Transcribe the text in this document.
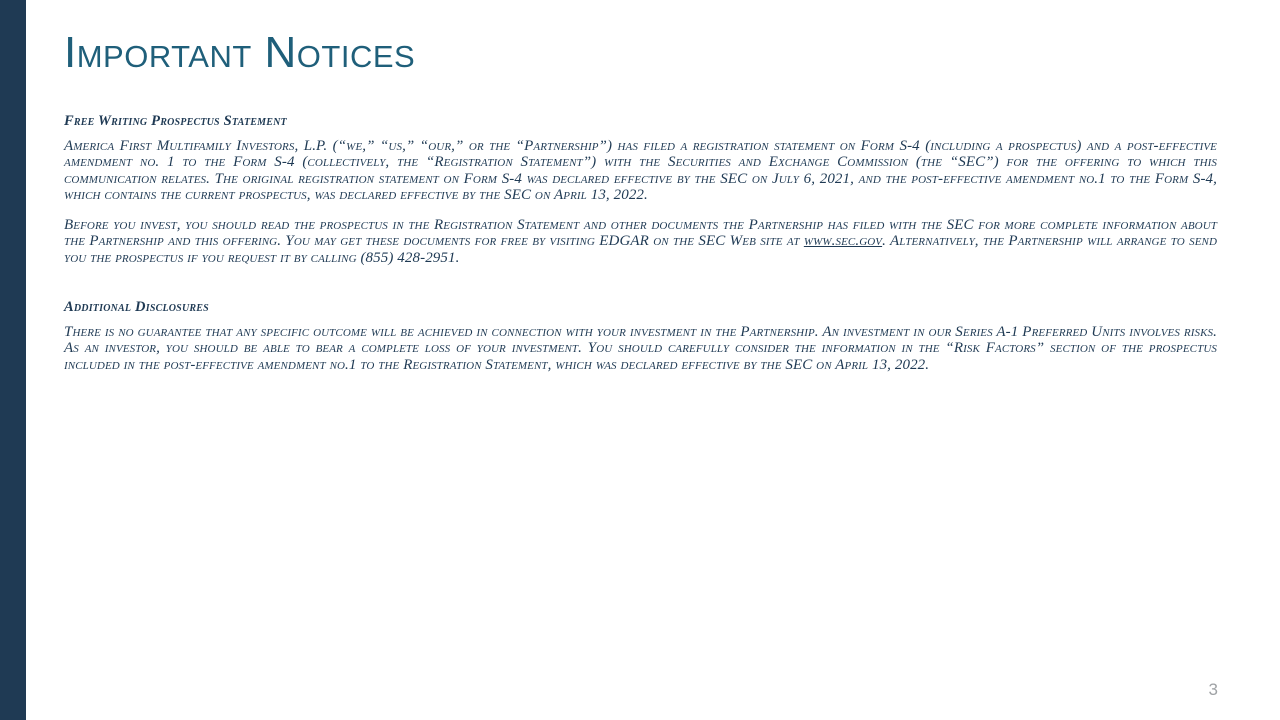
Important Notices
Free Writing Prospectus Statement
America First Multifamily Investors, L.P. (“we,” “us,” “our,” or the “Partnership”) has filed a registration statement on Form S-4 (including a prospectus) and a post-effective amendment no. 1 to the Form S-4 (collectively, the “Registration Statement”) with the Securities and Exchange Commission (the “SEC”) for the offering to which this communication relates. The original registration statement on Form S-4 was declared effective by the SEC on July 6, 2021, and the post-effective amendment no.1 to the Form S-4, which contains the current prospectus, was declared effective by the SEC on April 13, 2022.
Before you invest, you should read the prospectus in the Registration Statement and other documents the Partnership has filed with the SEC for more complete information about the Partnership and this offering. You may get these documents for free by visiting EDGAR on the SEC Web site at www.sec.gov. Alternatively, the Partnership will arrange to send you the prospectus if you request it by calling (855) 428-2951.
Additional Disclosures
There is no guarantee that any specific outcome will be achieved in connection with your investment in the Partnership. An investment in our Series A-1 Preferred Units involves risks. As an investor, you should be able to bear a complete loss of your investment. You should carefully consider the information in the “Risk Factors” section of the prospectus included in the post-effective amendment no.1 to the Registration Statement, which was declared effective by the SEC on April 13, 2022.
3
